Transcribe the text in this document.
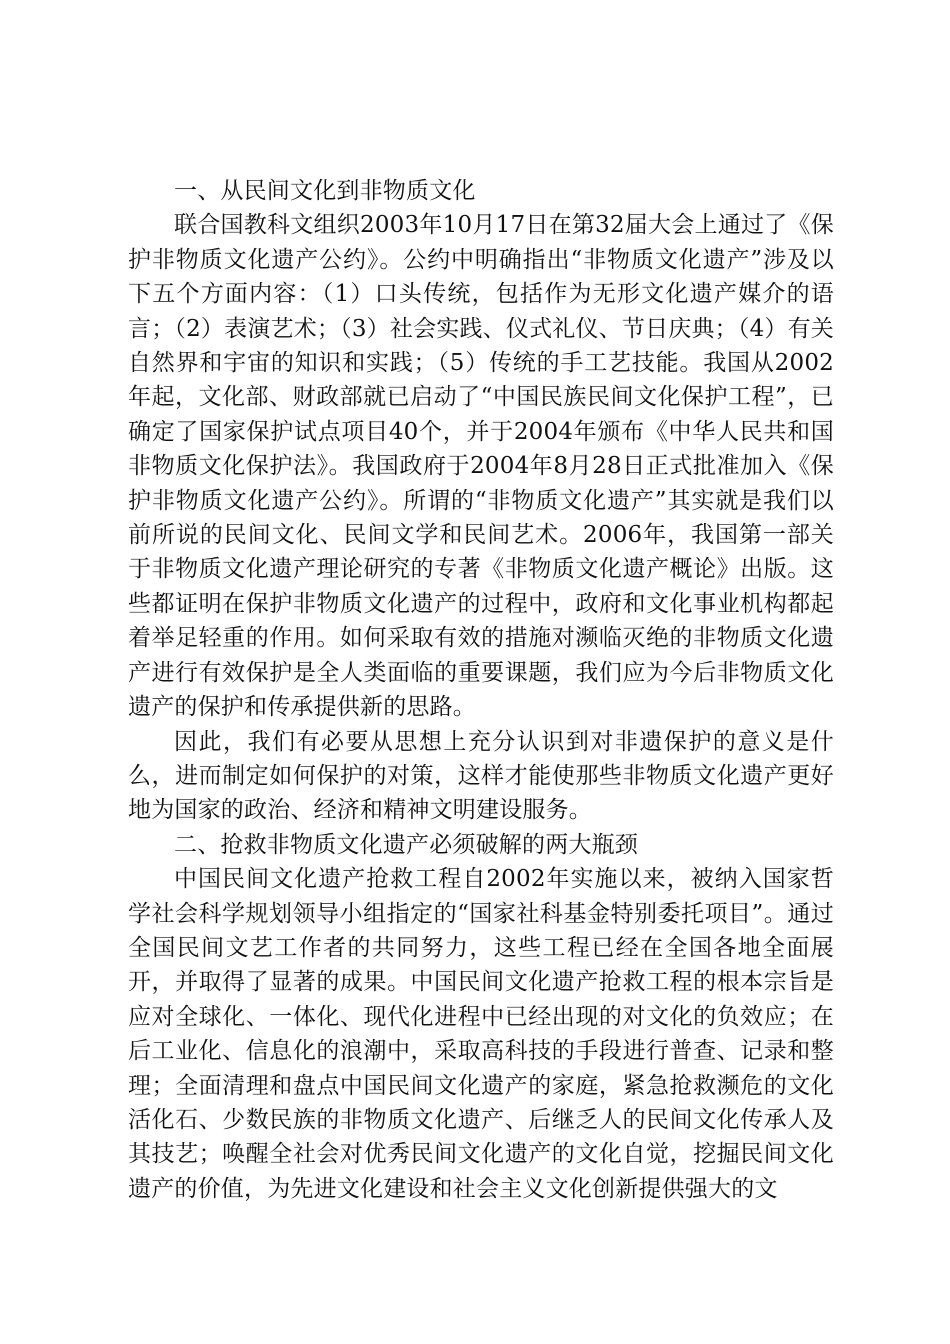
一、从民间文化到非物质文化

联合国教科文组织2003年10月17日在第32届大会上通过了《保护非物质文化遗产公约》。公约中明确指出“非物质文化遗产”涉及以下五个方面内容：（1）口头传统，包括作为无形文化遗产媒介的语言；（2）表演艺术；（3）社会实践、仪式礼仪、节日庆典；（4）有关自然界和宇宙的知识和实践；（5）传统的手工艺技能。我国从2002年起，文化部、财政部就已启动了“中国民族民间文化保护工程”，已确定了国家保护试点项目40个，并于2004年颁布《中华人民共和国非物质文化保护法》。我国政府于2004年8月28日正式批准加入《保护非物质文化遗产公约》。所谓的“非物质文化遗产”其实就是我们以前所说的民间文化、民间文学和民间艺术。2006年，我国第一部关于非物质文化遗产理论研究的专著《非物质文化遗产概论》出版。这些都证明在保护非物质文化遗产的过程中，政府和文化事业机构都起着举足轻重的作用。如何采取有效的措施对濒临灭绝的非物质文化遗产进行有效保护是全人类面临的重要课题，我们应为今后非物质文化遗产的保护和传承提供新的思路。

因此，我们有必要从思想上充分认识到对非遗保护的意义是什么，进而制定如何保护的对策，这样才能使那些非物质文化遗产更好地为国家的政治、经济和精神文明建设服务。

二、抢救非物质文化遗产必须破解的两大瓶颈

中国民间文化遗产抢救工程自2002年实施以来，被纳入国家哲学社会科学规划领导小组指定的“国家社科基金特别委托项目”。通过全国民间文艺工作者的共同努力，这些工程已经在全国各地全面展开，并取得了显著的成果。中国民间文化遗产抢救工程的根本宗旨是应对全球化、一体化、现代化进程中已经出现的对文化的负效应；在后工业化、信息化的浪潮中，采取高科技的手段进行普查、记录和整理；全面清理和盘点中国民间文化遗产的家庭，紧急抢救濒危的文化活化石、少数民族的非物质文化遗产、后继乏人的民间文化传承人及其技艺；唤醒全社会对优秀民间文化遗产的文化自觉，挖掘民间文化遗产的价值，为先进文化建设和社会主义文化创新提供强大的文
